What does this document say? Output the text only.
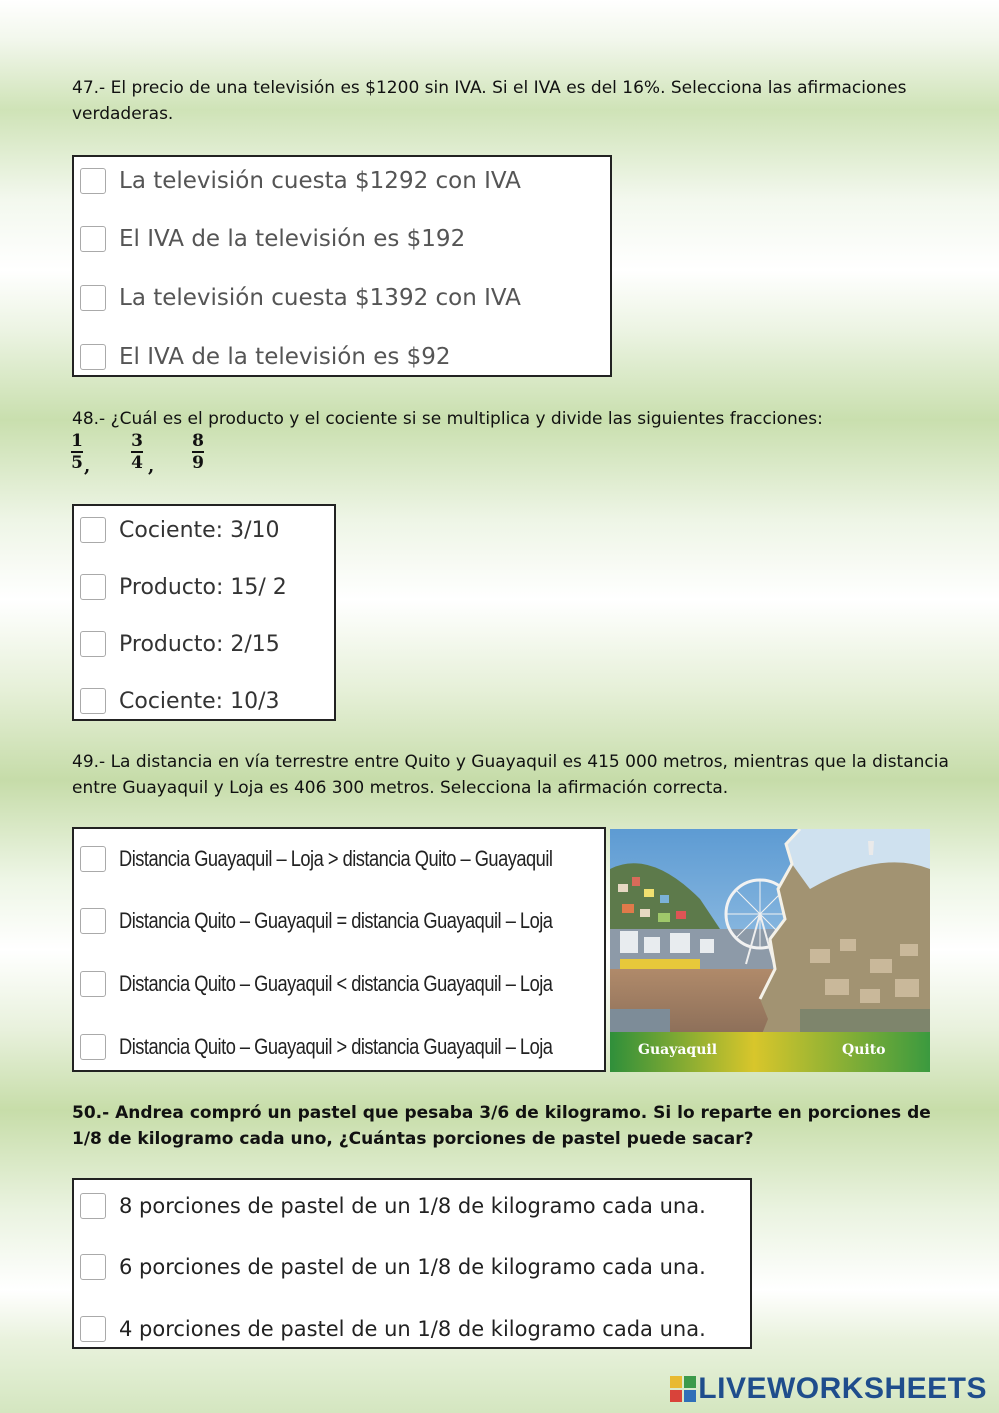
47.- El precio de una televisión es $1200 sin IVA. Si el IVA es del 16%. Selecciona las afirmaciones verdaderas.
La televisión cuesta $1292 con IVA
El IVA de la televisión es $192
La televisión cuesta $1392 con IVA
El IVA de la televisión es $92
48.- ¿Cuál es el producto y el cociente si se multiplica y divide las siguientes fracciones:
1
5 ,
3
4 ,
8
9
Cociente: 3/10
Producto: 15/ 2
Producto: 2/15
Cociente: 10/3
49.- La distancia en vía terrestre entre Quito y Guayaquil es 415 000 metros, mientras que la distancia entre Guayaquil y Loja es 406 300 metros. Selecciona la afirmación correcta.
Distancia Guayaquil – Loja > distancia Quito – Guayaquil
Distancia Quito – Guayaquil = distancia Guayaquil – Loja
Distancia Quito – Guayaquil < distancia Guayaquil – Loja
Distancia Quito – Guayaquil > distancia Guayaquil – Loja	Guayaquil	Quito
50.- Andrea compró un pastel que pesaba 3/6 de kilogramo. Si lo reparte en porciones de 1/8 de kilogramo cada uno, ¿Cuántas porciones de pastel puede sacar?
8 porciones de pastel de un 1/8 de kilogramo cada una.
6 porciones de pastel de un 1/8 de kilogramo cada una.
4 porciones de pastel de un 1/8 de kilogramo cada una.
LIVEWORKSHEETS
